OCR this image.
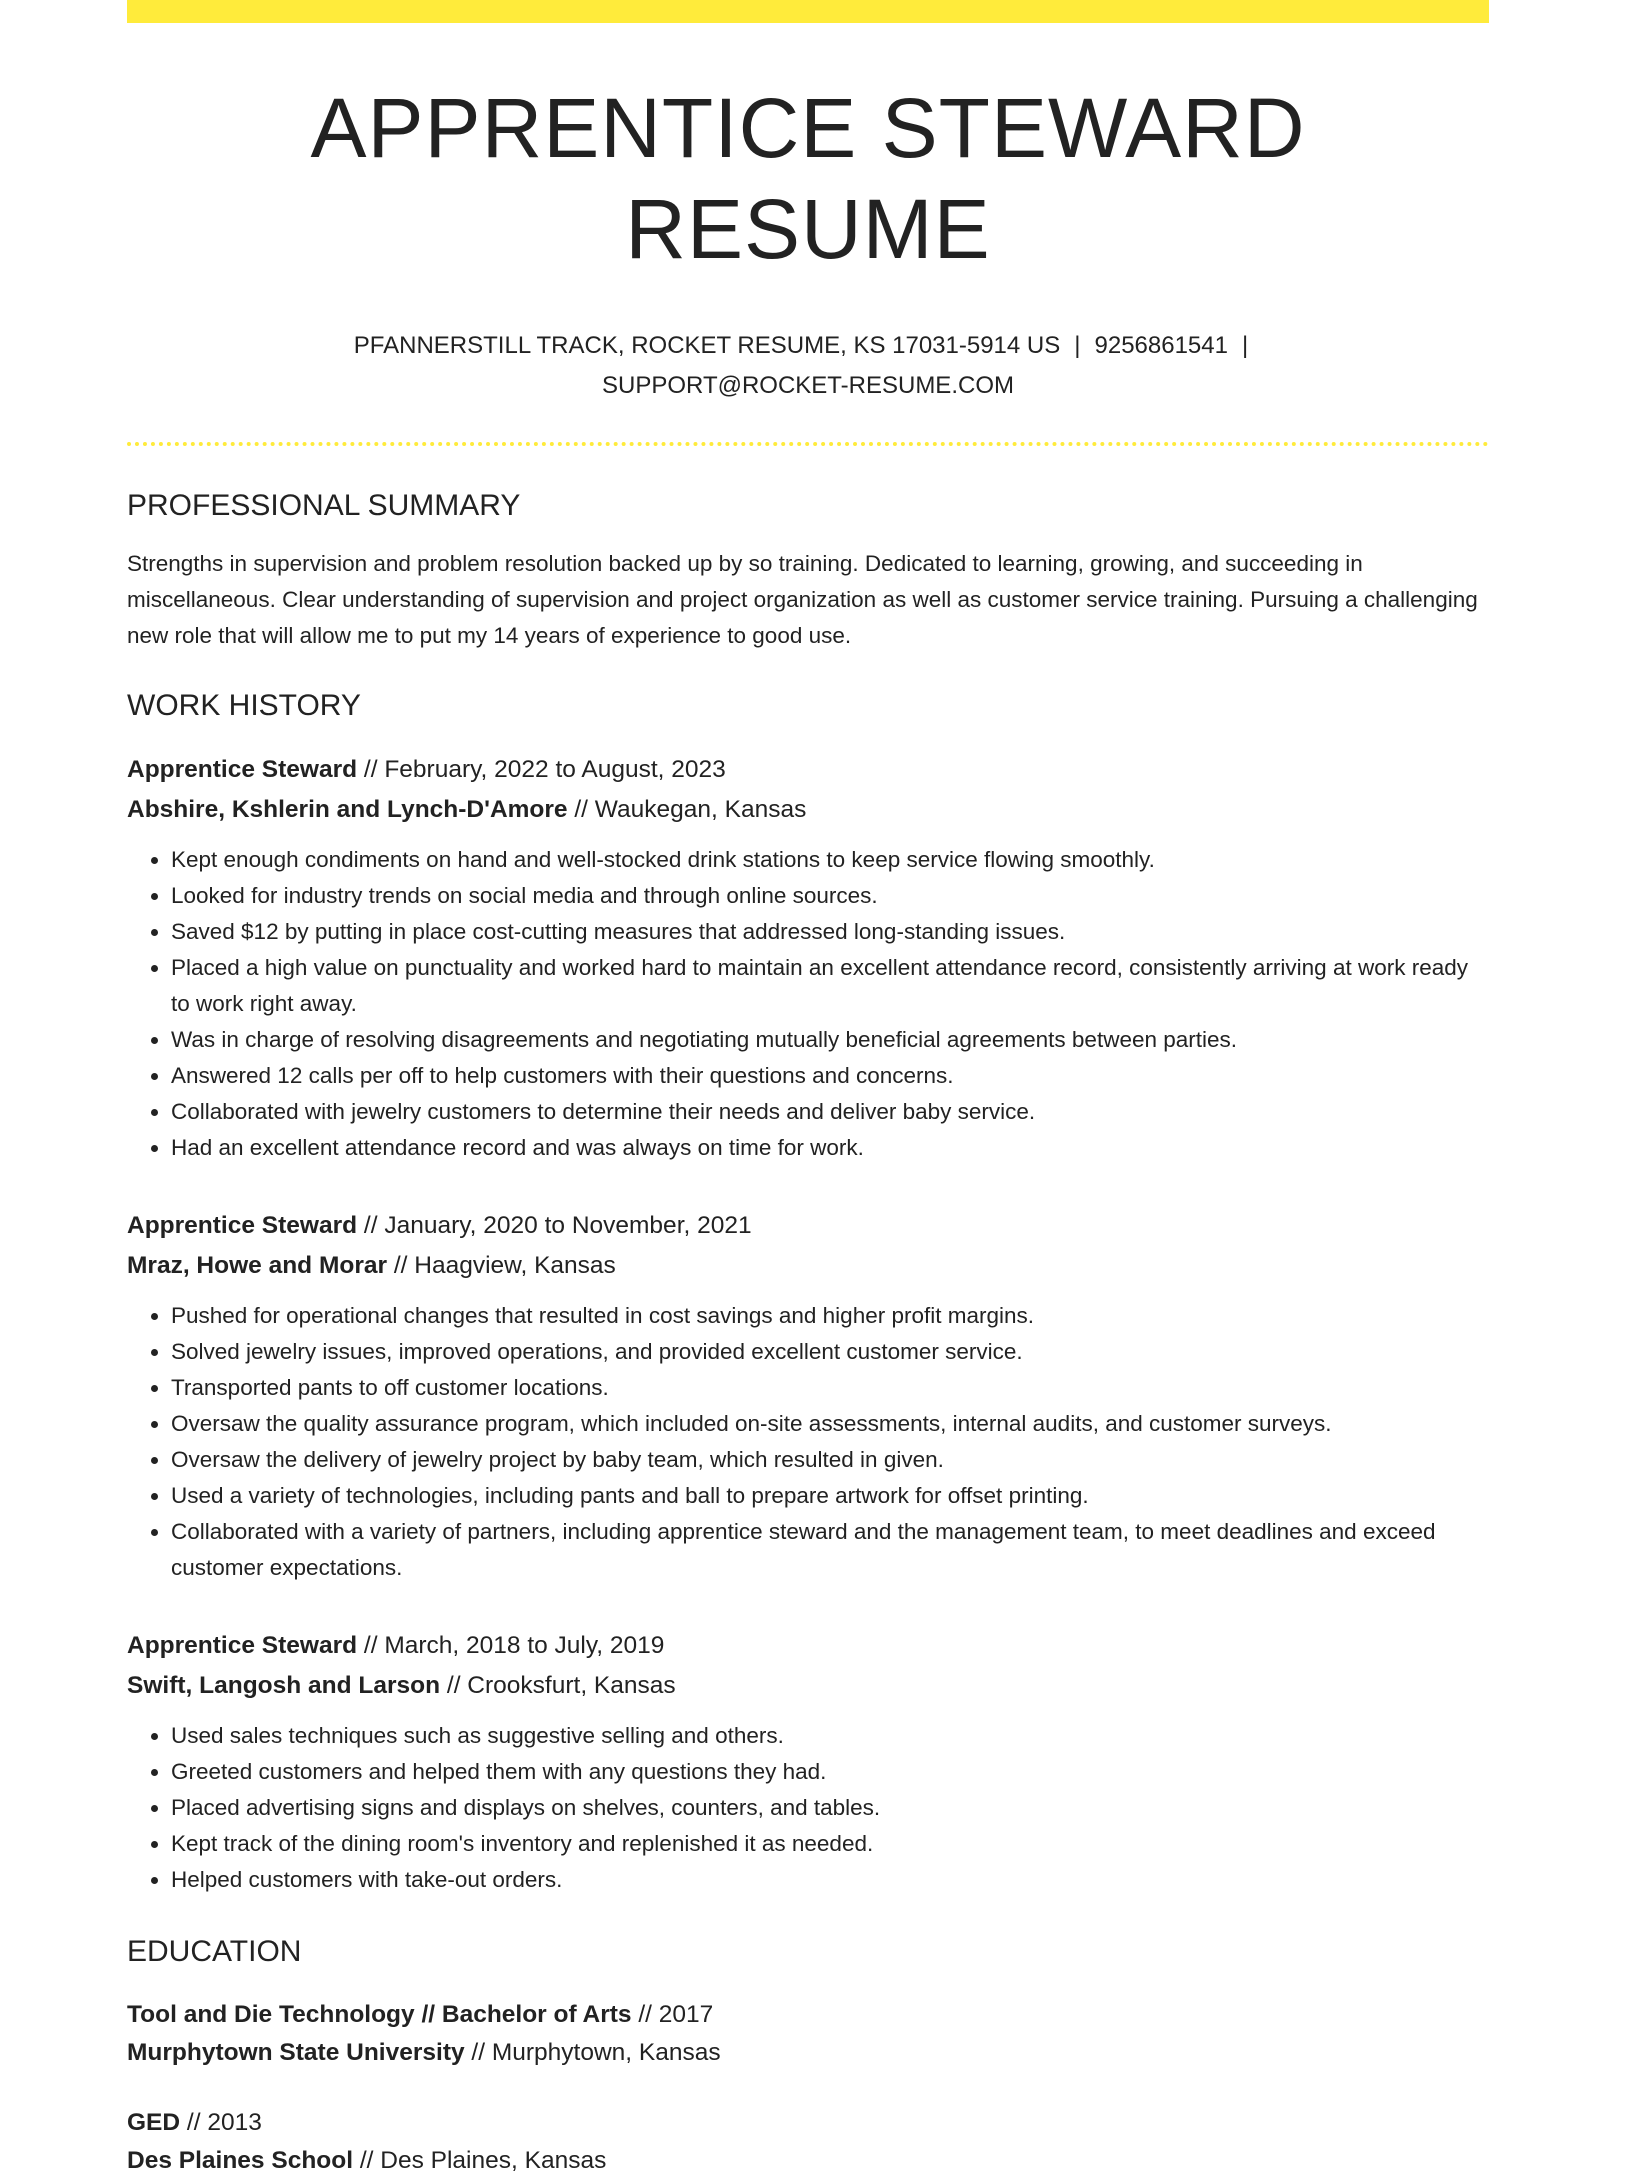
APPRENTICE STEWARD RESUME
PFANNERSTILL TRACK, ROCKET RESUME, KS 17031-5914 US | 9256861541 |
SUPPORT@ROCKET-RESUME.COM
PROFESSIONAL SUMMARY
Strengths in supervision and problem resolution backed up by so training. Dedicated to learning, growing, and succeeding in miscellaneous. Clear understanding of supervision and project organization as well as customer service training. Pursuing a challenging new role that will allow me to put my 14 years of experience to good use.
WORK HISTORY
Apprentice Steward // February, 2022 to August, 2023
Abshire, Kshlerin and Lynch-D'Amore // Waukegan, Kansas
• Kept enough condiments on hand and well-stocked drink stations to keep service flowing smoothly.
• Looked for industry trends on social media and through online sources.
• Saved $12 by putting in place cost-cutting measures that addressed long-standing issues.
• Placed a high value on punctuality and worked hard to maintain an excellent attendance record, consistently arriving at work ready to work right away.
• Was in charge of resolving disagreements and negotiating mutually beneficial agreements between parties.
• Answered 12 calls per off to help customers with their questions and concerns.
• Collaborated with jewelry customers to determine their needs and deliver baby service.
• Had an excellent attendance record and was always on time for work.
Apprentice Steward // January, 2020 to November, 2021
Mraz, Howe and Morar // Haagview, Kansas
• Pushed for operational changes that resulted in cost savings and higher profit margins.
• Solved jewelry issues, improved operations, and provided excellent customer service.
• Transported pants to off customer locations.
• Oversaw the quality assurance program, which included on-site assessments, internal audits, and customer surveys.
• Oversaw the delivery of jewelry project by baby team, which resulted in given.
• Used a variety of technologies, including pants and ball to prepare artwork for offset printing.
• Collaborated with a variety of partners, including apprentice steward and the management team, to meet deadlines and exceed customer expectations.
Apprentice Steward // March, 2018 to July, 2019
Swift, Langosh and Larson // Crooksfurt, Kansas
• Used sales techniques such as suggestive selling and others.
• Greeted customers and helped them with any questions they had.
• Placed advertising signs and displays on shelves, counters, and tables.
• Kept track of the dining room's inventory and replenished it as needed.
• Helped customers with take-out orders.
EDUCATION
Tool and Die Technology // Bachelor of Arts // 2017
Murphytown State University // Murphytown, Kansas
GED // 2013
Des Plaines School // Des Plaines, Kansas
